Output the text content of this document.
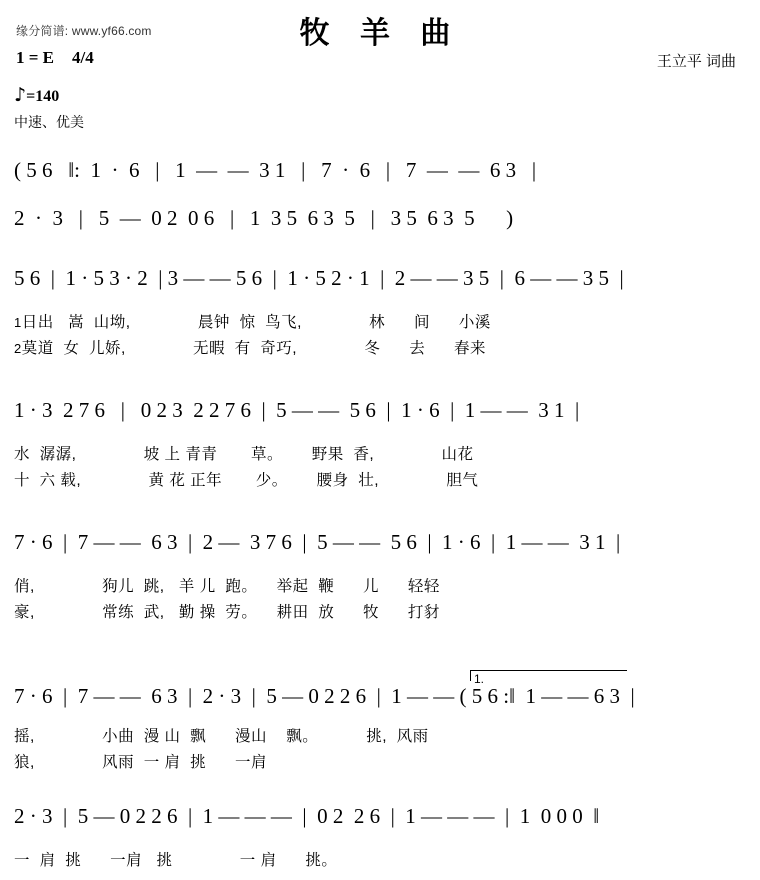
缘分简谱: www.yf66.com	牧 羊 曲
1 = E 4/4	王立平 词曲
♪=140
中速、优美
( 5 6   ‖:  1  ·  6   |   1  —  —  3 1   |   7  ·  6   |   7  —  —  6 3   |
2  ·  3   |   5  —  0 2  0 6   |   1  3 5  6 3  5   |   3 5  6 3  5      )
5 6  |  1 · 5 3 · 2  | 3 — — 5 6  |  1 · 5 2 · 1  |  2 — — 3 5  |  6 — — 3 5  |
1日出   嵩  山坳,              晨钟  惊  鸟飞,              林      间      小溪
2莫道  女  儿娇,              无暇  有  奇巧,              冬      去      春来
1 · 3  2 7 6   |   0 2 3  2 2 7 6  |  5 — —  5 6  |  1 · 6  |  1 — —  3 1  |
水  潺潺,              坡 上 青青       草。      野果  香,              山花
十  六 载,              黄 花 正年       少。      腰身  壮,              胆气
7 · 6  |  7 — —  6 3  |  2 —  3 7 6  |  5 — —  5 6  |  1 · 6  |  1 — —  3 1  |
俏,              狗儿  跳,   羊 儿  跑。    举起  鞭      儿      轻轻
豪,              常练  武,   勤 操  劳。    耕田  放      牧      打豺
1.
7 · 6  |  7 — —  6 3  |  2 · 3  |  5 — 0 2 2 6  |  1 — — ( 5 6 :‖  1 — — 6 3  |
摇,              小曲  漫 山  飘      漫山    飘。          挑,  风雨
狼,              风雨  一 肩  挑      一肩
2 · 3  |  5 — 0 2 2 6  |  1 — — —  |  0 2  2 6  |  1 — — —  |  1  0 0 0  ‖
一  肩  挑      一肩   挑              一 肩      挑。
